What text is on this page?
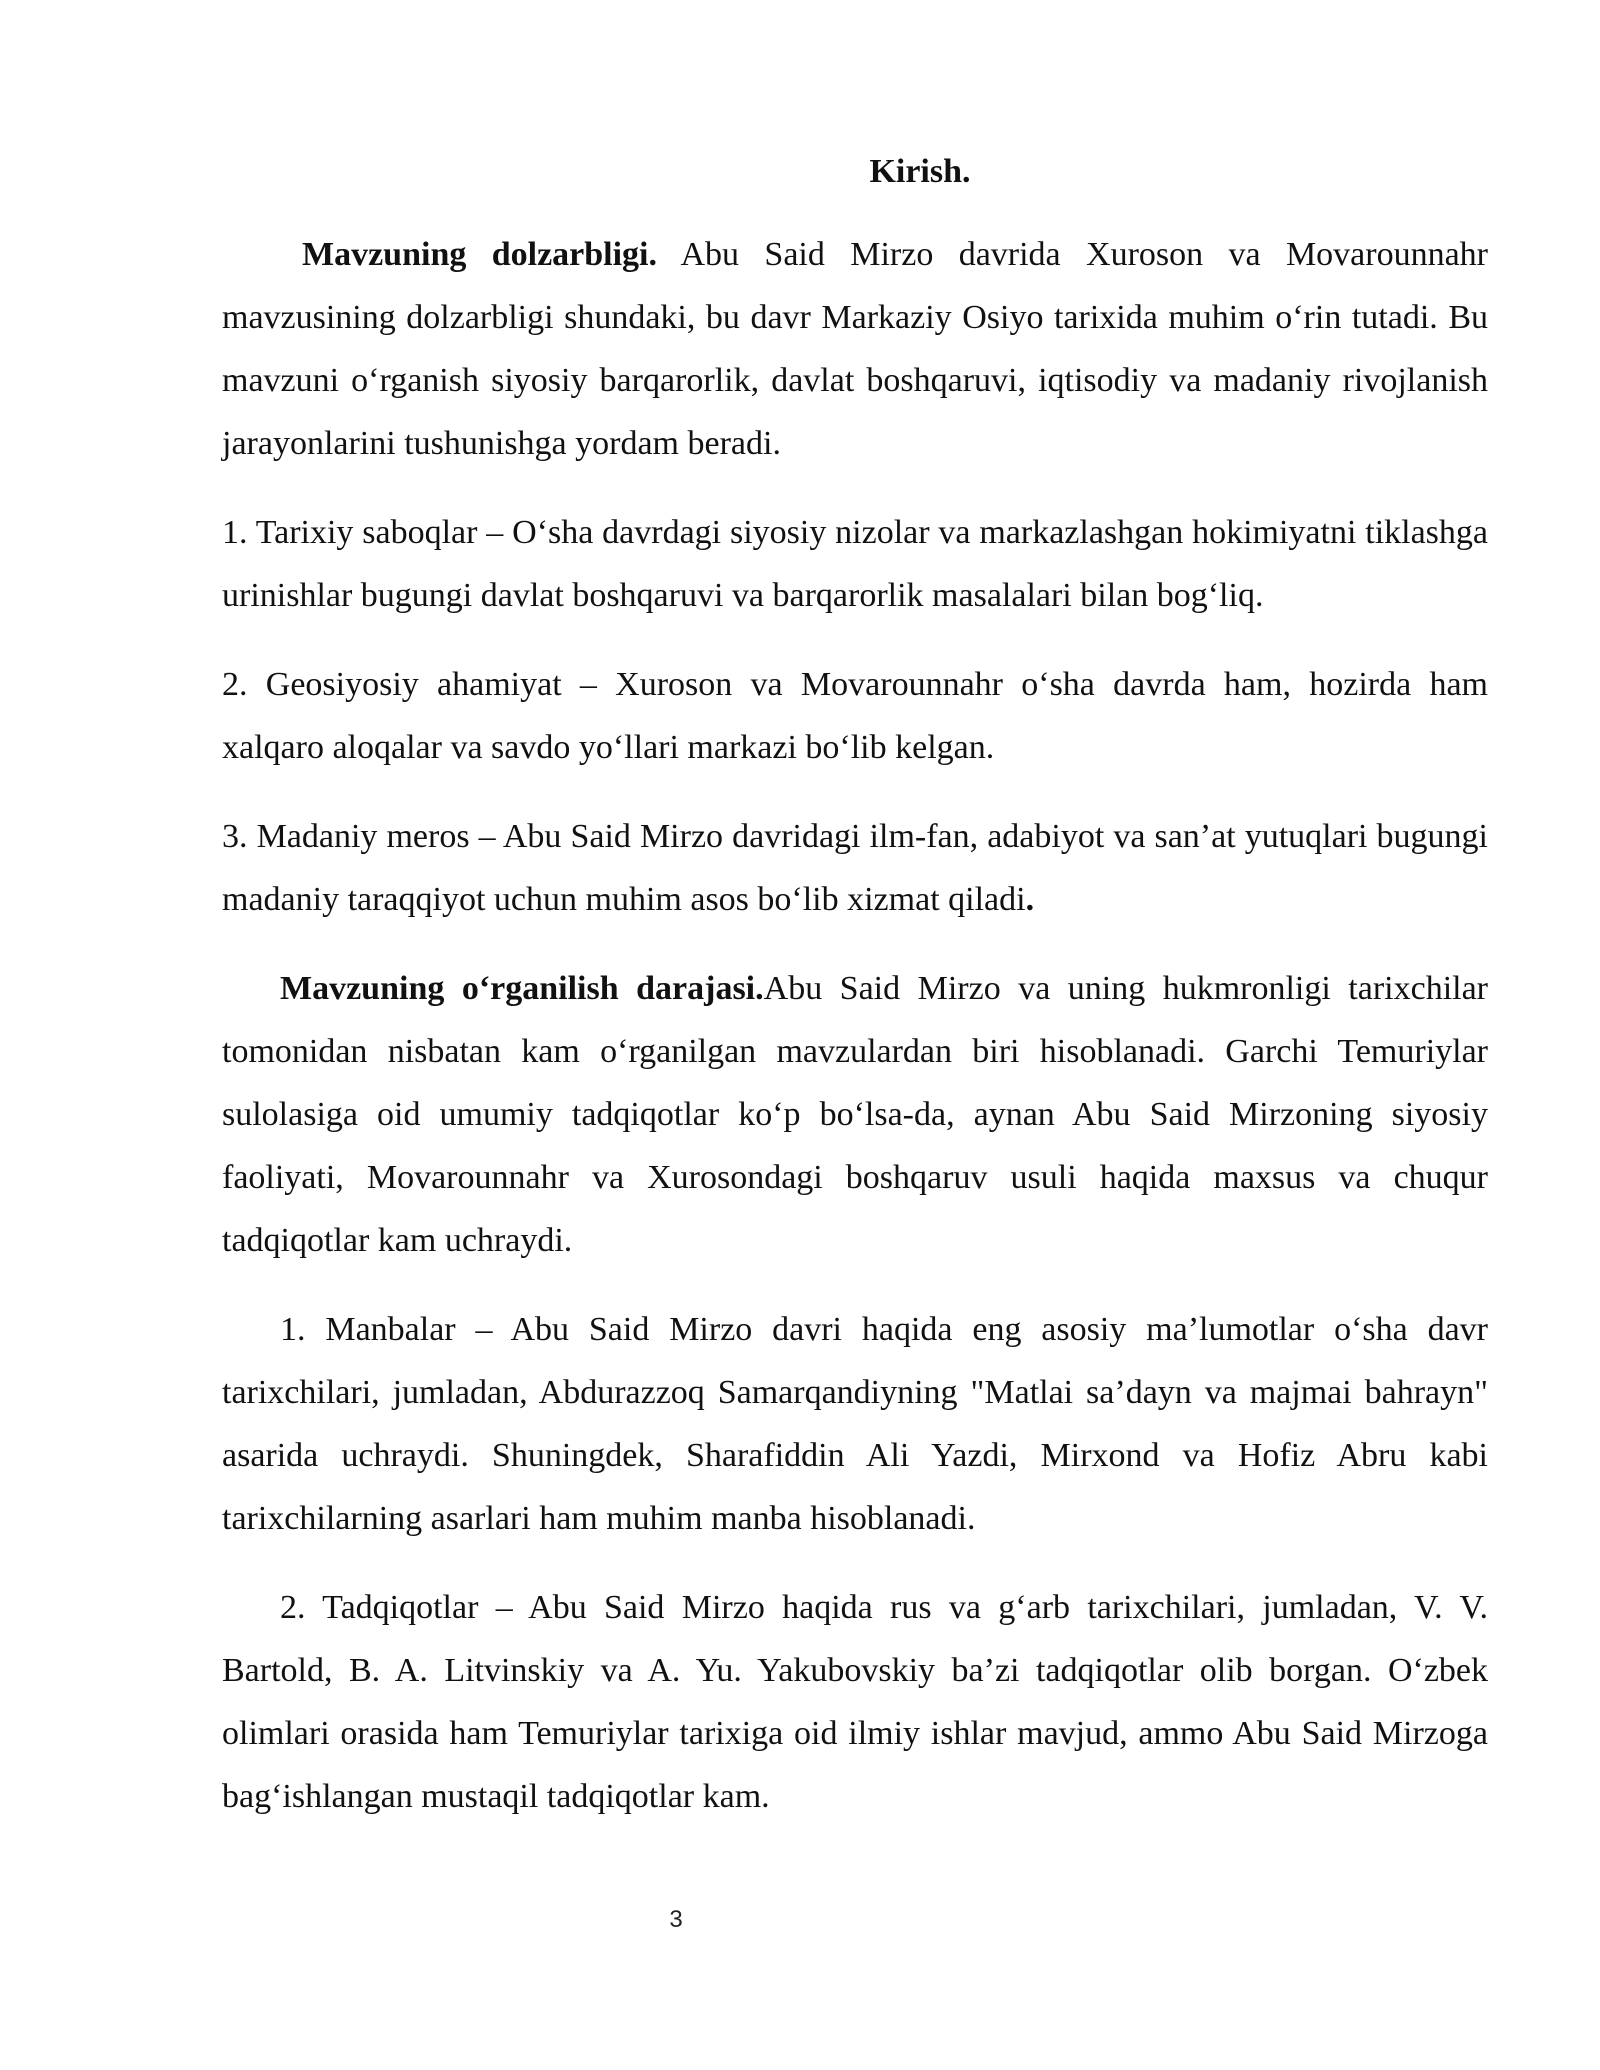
Kirish.

Mavzuning dolzarbligi. Abu Said Mirzo davrida Xuroson va Movarounnahr mavzusining dolzarbligi shundaki, bu davr Markaziy Osiyo tarixida muhim o‘rin tutadi. Bu mavzuni o‘rganish siyosiy barqarorlik, davlat boshqaruvi, iqtisodiy va madaniy rivojlanish jarayonlarini tushunishga yordam beradi.

1. Tarixiy saboqlar – O‘sha davrdagi siyosiy nizolar va markazlashgan hokimiyatni tiklashga urinishlar bugungi davlat boshqaruvi va barqarorlik masalalari bilan bog‘liq.

2. Geosiyosiy ahamiyat – Xuroson va Movarounnahr o‘sha davrda ham, hozirda ham xalqaro aloqalar va savdo yo‘llari markazi bo‘lib kelgan.

3. Madaniy meros – Abu Said Mirzo davridagi ilm-fan, adabiyot va san’at yutuqlari bugungi madaniy taraqqiyot uchun muhim asos bo‘lib xizmat qiladi.

Mavzuning o‘rganilish darajasi.Abu Said Mirzo va uning hukmronligi tarixchilar tomonidan nisbatan kam o‘rganilgan mavzulardan biri hisoblanadi. Garchi Temuriylar sulolasiga oid umumiy tadqiqotlar ko‘p bo‘lsa-da, aynan Abu Said Mirzoning siyosiy faoliyati, Movarounnahr va Xurosondagi boshqaruv usuli haqida maxsus va chuqur tadqiqotlar kam uchraydi.

1. Manbalar – Abu Said Mirzo davri haqida eng asosiy ma’lumotlar o‘sha davr tarixchilari, jumladan, Abdurazzoq Samarqandiyning "Matlai sa’dayn va majmai bahrayn" asarida uchraydi. Shuningdek, Sharafiddin Ali Yazdi, Mirxond va Hofiz Abru kabi tarixchilarning asarlari ham muhim manba hisoblanadi.

2. Tadqiqotlar – Abu Said Mirzo haqida rus va g‘arb tarixchilari, jumladan, V. V. Bartold, B. A. Litvinskiy va A. Yu. Yakubovskiy ba’zi tadqiqotlar olib borgan. O‘zbek olimlari orasida ham Temuriylar tarixiga oid ilmiy ishlar mavjud, ammo Abu Said Mirzoga bag‘ishlangan mustaqil tadqiqotlar kam.

3
